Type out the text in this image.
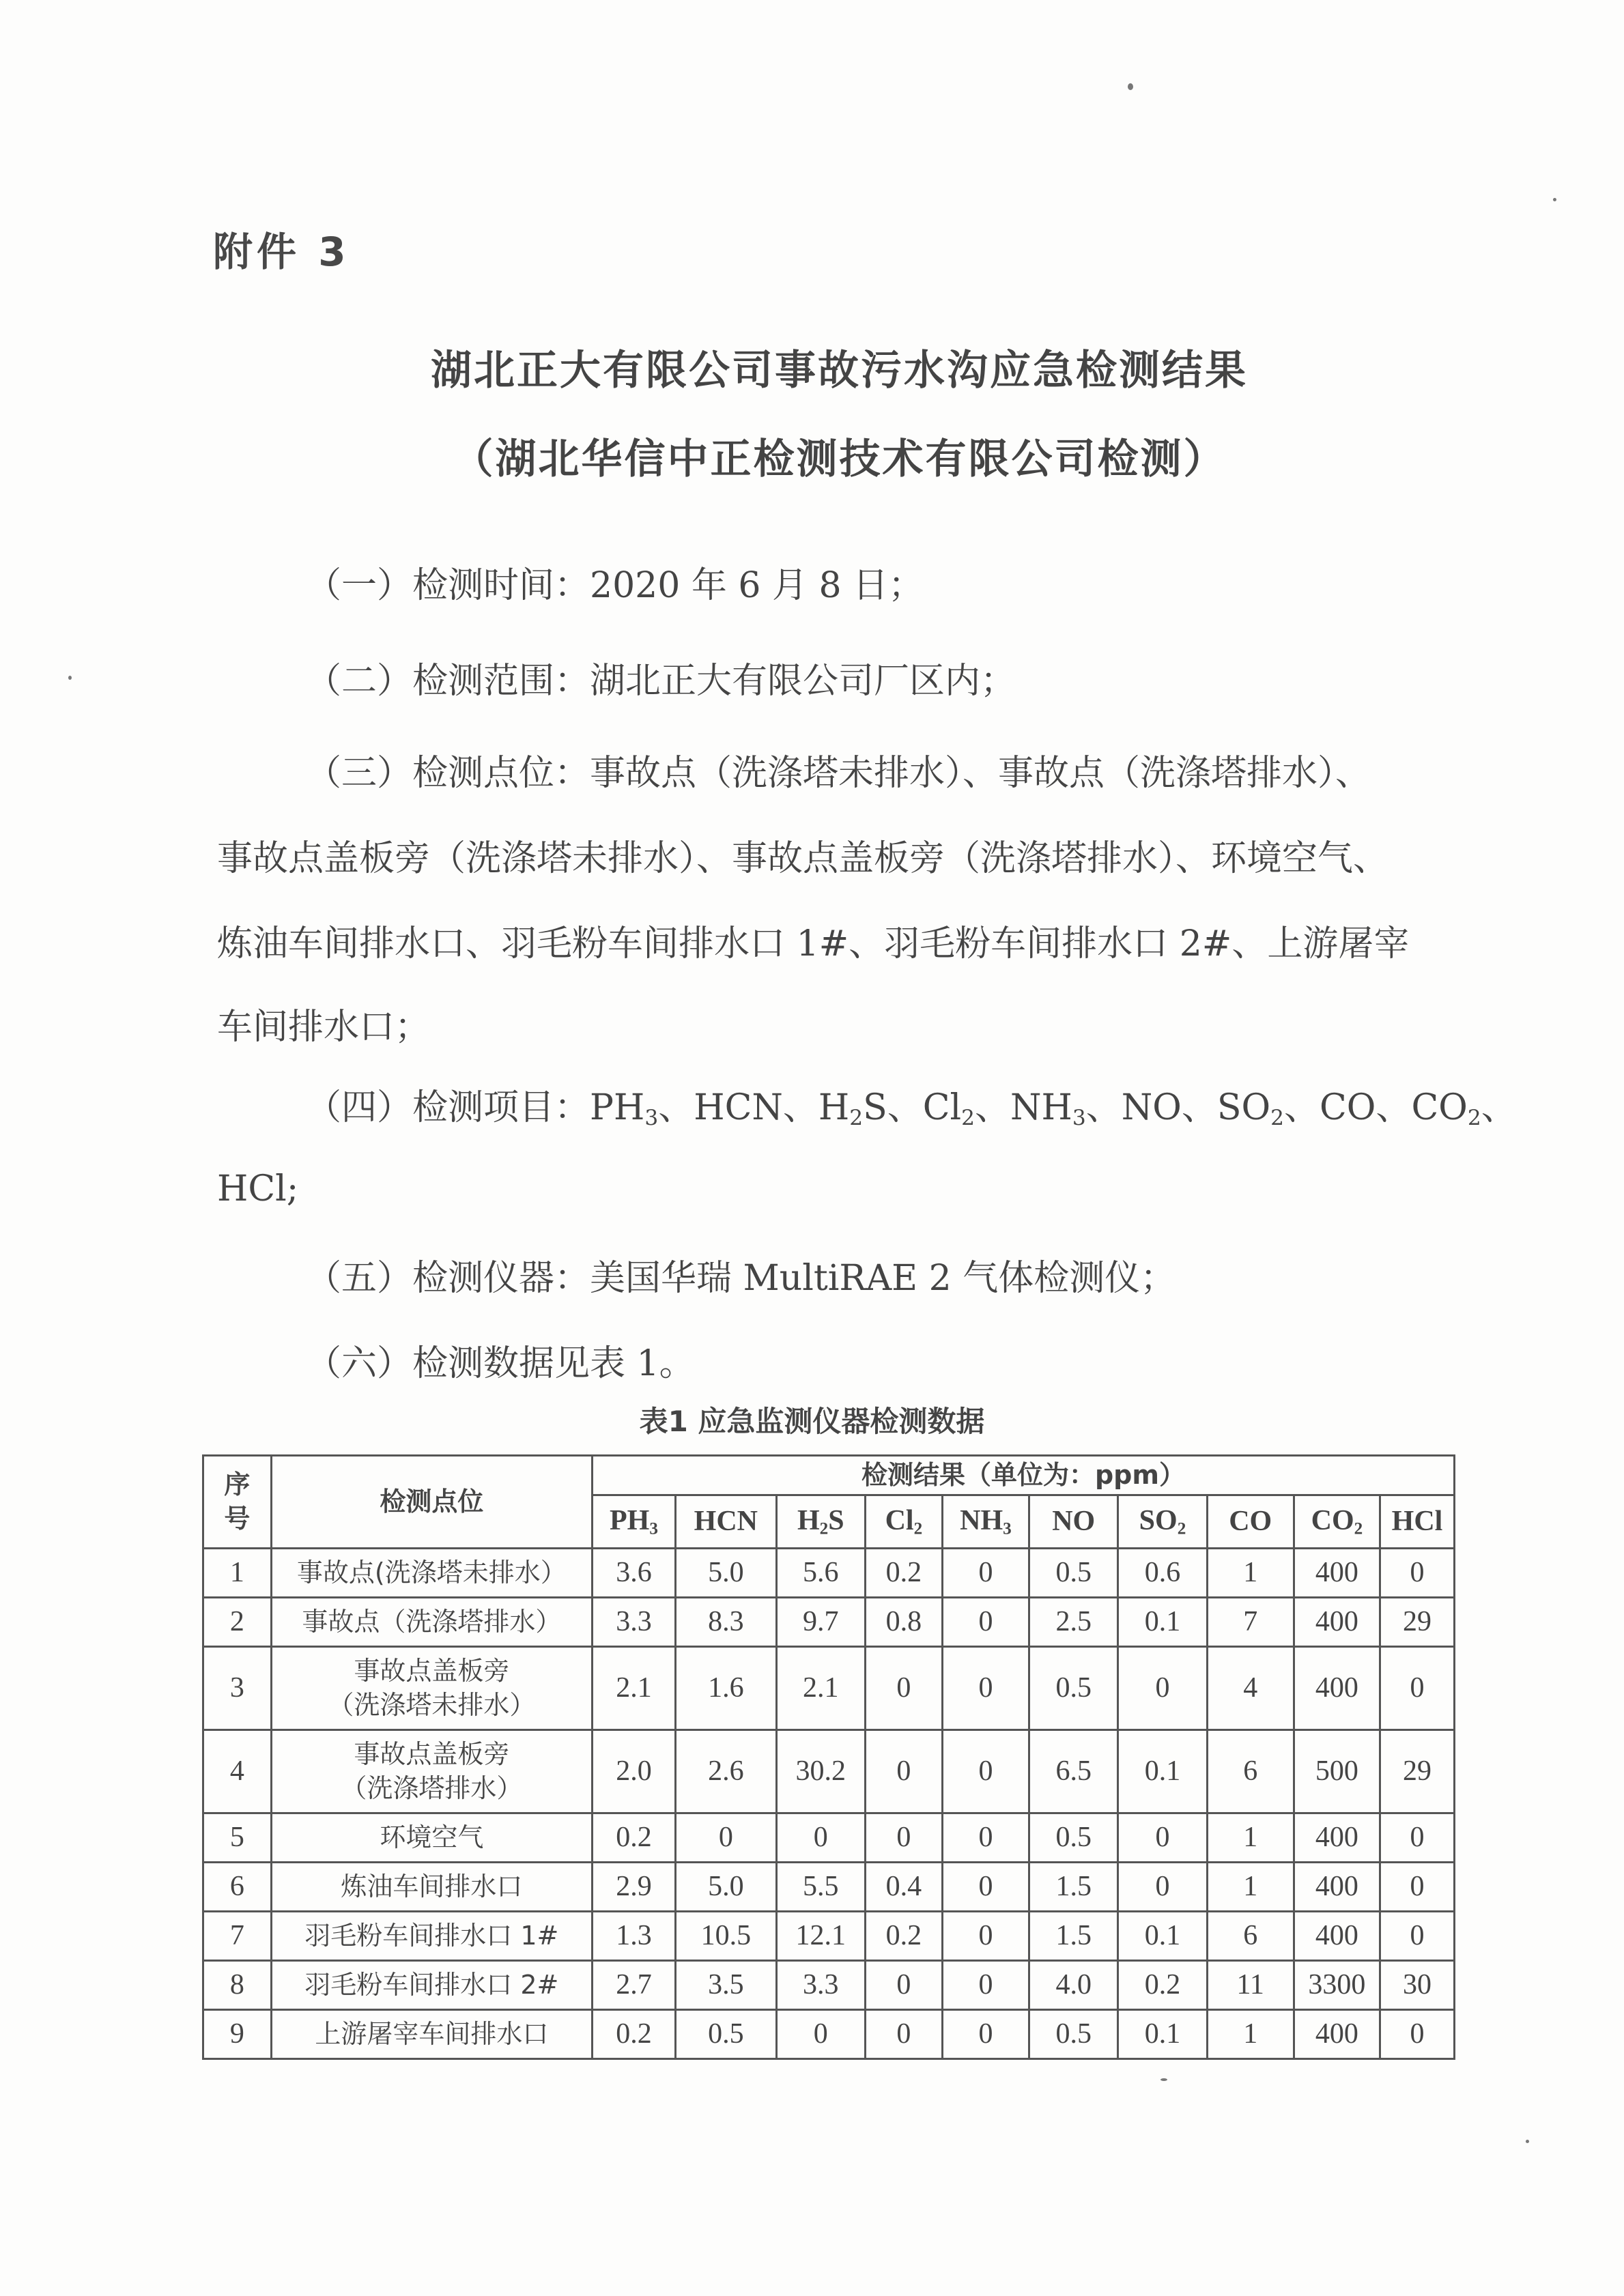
附件 3
湖北正大有限公司事故污水沟应急检测结果
（湖北华信中正检测技术有限公司检测）
（一）检测时间：2020 年 6 月 8 日；
（二）检测范围：湖北正大有限公司厂区内；
（三）检测点位：事故点（洗涤塔未排水）、事故点（洗涤塔排水）、
事故点盖板旁（洗涤塔未排水）、事故点盖板旁（洗涤塔排水）、环境空气、
炼油车间排水口、羽毛粉车间排水口 1#、羽毛粉车间排水口 2#、上游屠宰
车间排水口；
（四）检测项目：$PH_3$、HCN、$H_2S$、$Cl_2$、$NH_3$、NO、$SO_2$、CO、$CO_2$、
HCl;
（五）检测仪器：美国华瑞 MultiRAE 2 气体检测仪；
（六）检测数据见表 1。
表1 应急监测仪器检测数据
序
号	检测点位	检测结果（单位为：ppm）									
		$PH_3$	HCN	$H_2S$	$Cl_2$	$NH_3$	NO	$SO_2$	CO	$CO_2$	HCl
1	事故点(洗涤塔未排水）	3.6	5.0	5.6	0.2	0	0.5	0.6	1	400	0
2	事故点（洗涤塔排水）	3.3	8.3	9.7	0.8	0	2.5	0.1	7	400	29
3	事故点盖板旁
（洗涤塔未排水）	2.1	1.6	2.1	0	0	0.5	0	4	400	0
4	事故点盖板旁
（洗涤塔排水）	2.0	2.6	30.2	0	0	6.5	0.1	6	500	29
5	环境空气	0.2	0	0	0	0	0.5	0	1	400	0
6	炼油车间排水口	2.9	5.0	5.5	0.4	0	1.5	0	1	400	0
7	羽毛粉车间排水口 1#	1.3	10.5	12.1	0.2	0	1.5	0.1	6	400	0
8	羽毛粉车间排水口 2#	2.7	3.5	3.3	0	0	4.0	0.2	11	3300	30
9	上游屠宰车间排水口	0.2	0.5	0	0	0	0.5	0.1	1	400	0
